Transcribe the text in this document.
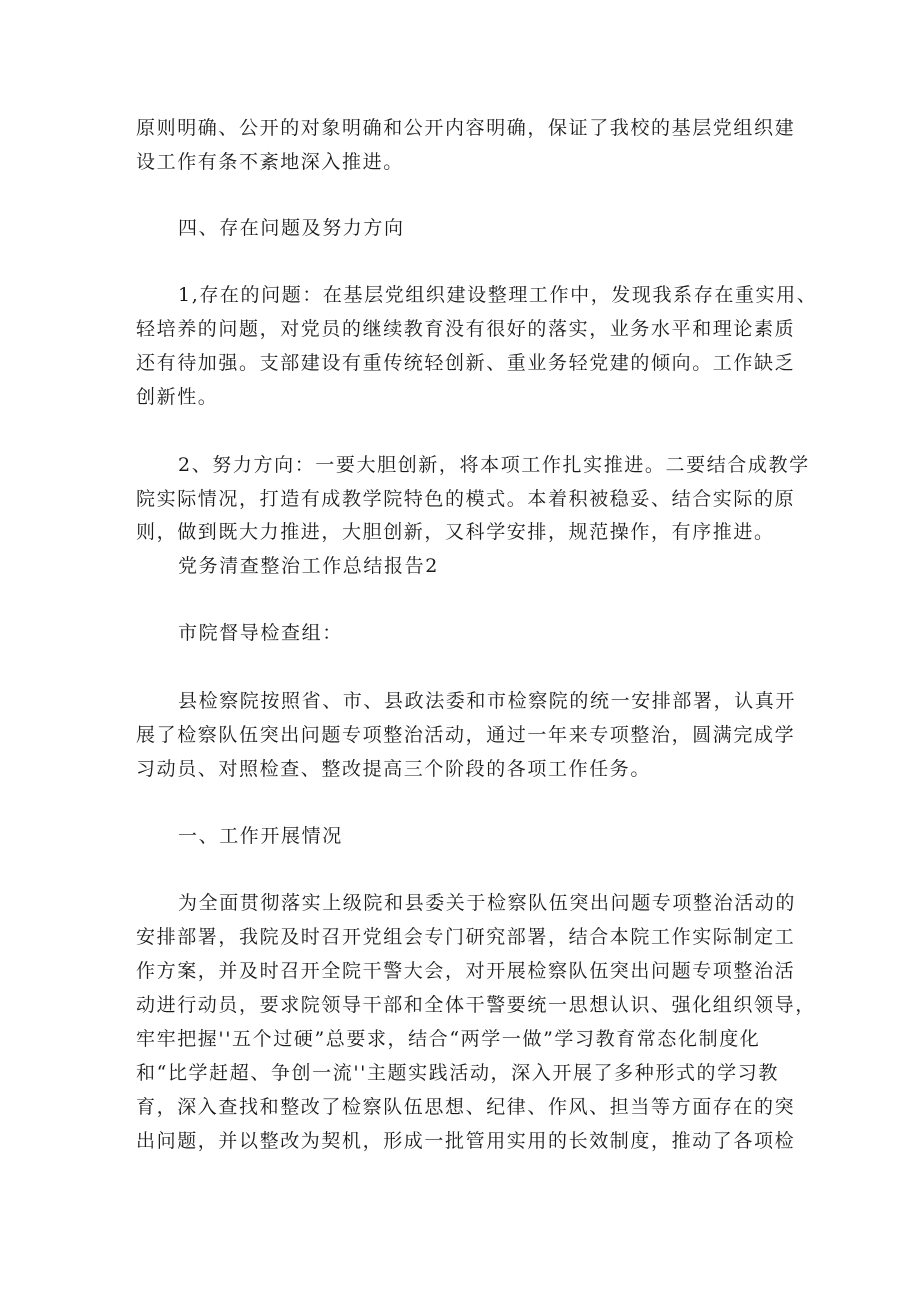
原则明确、公开的对象明确和公开内容明确，保证了我校的基层党组织建
设工作有条不紊地深入推进。
四、存在问题及努力方向
1,存在的问题：在基层党组织建设整理工作中，发现我系存在重实用、
轻培养的问题，对党员的继续教育没有很好的落实，业务水平和理论素质
还有待加强。支部建设有重传统轻创新、重业务轻党建的倾向。工作缺乏
创新性。
2、努力方向：一要大胆创新，将本项工作扎实推进。二要结合成教学
院实际情况，打造有成教学院特色的模式。本着积被稳妥、结合实际的原
则，做到既大力推进，大胆创新，又科学安排，规范操作，有序推进。
党务清查整治工作总结报告2
市院督导检查组：
县检察院按照省、市、县政法委和市检察院的统一安排部署，认真开
展了检察队伍突出问题专项整治活动，通过一年来专项整治，圆满完成学
习动员、对照检查、整改提高三个阶段的各项工作任务。
一、工作开展情况
为全面贯彻落实上级院和县委关于检察队伍突出问题专项整治活动的
安排部署，我院及时召开党组会专门研究部署，结合本院工作实际制定工
作方案，并及时召开全院干警大会，对开展检察队伍突出问题专项整治活
动进行动员，要求院领导干部和全体干警要统一思想认识、强化组织领导，
牢牢把握''五个过硬”总要求，结合“两学一做”学习教育常态化制度化
和“比学赶超、争创一流''主题实践活动，深入开展了多种形式的学习教
育，深入查找和整改了检察队伍思想、纪律、作风、担当等方面存在的突
出问题，并以整改为契机，形成一批管用实用的长效制度，推动了各项检
